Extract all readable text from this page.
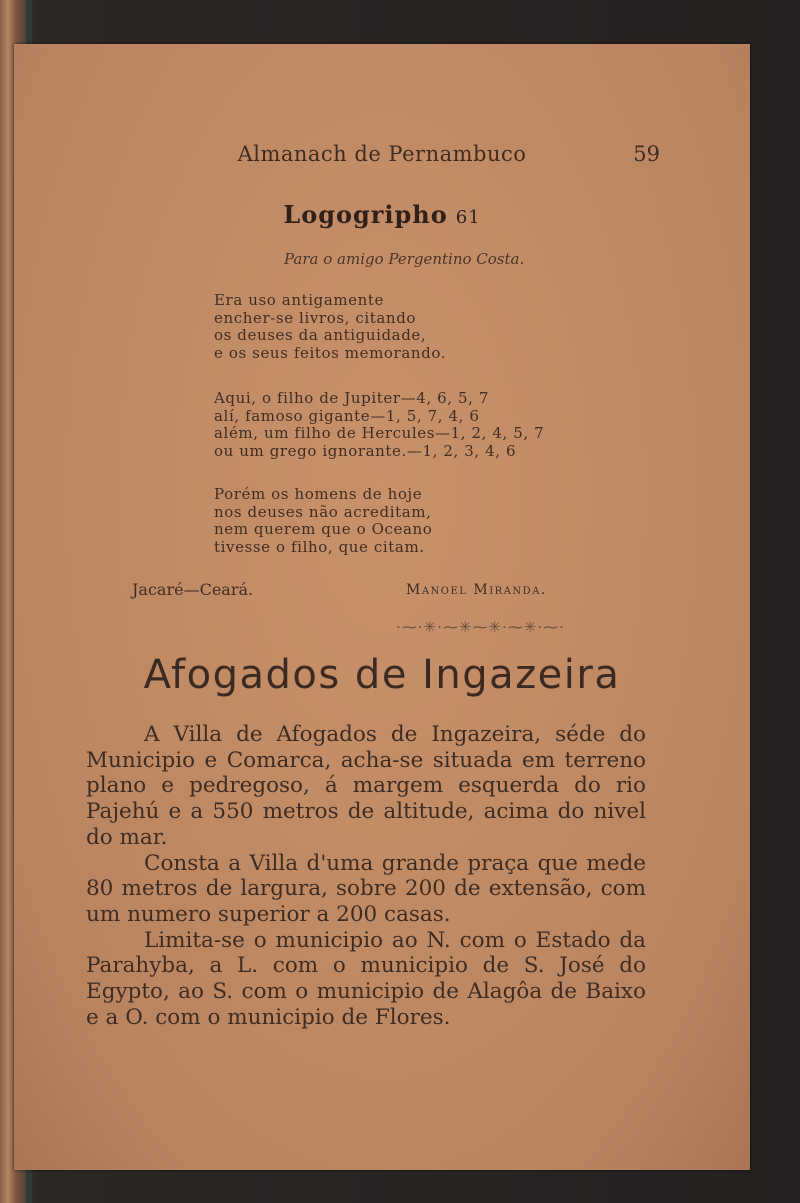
Almanach de Pernambuco	59
Logogripho 61
Para o amigo Pergentino Costa.
Era uso antigamente
encher-se livros, citando
os deuses da antiguidade,
e os seus feitos memorando.
Aqui, o filho de Jupiter—4, 6, 5, 7
alí, famoso gigante—1, 5, 7, 4, 6
além, um filho de Hercules—1, 2, 4, 5, 7
ou um grego ignorante.—1, 2, 3, 4, 6
Porém os homens de hoje
nos deuses não acreditam,
nem querem que o Oceano
tivesse o filho, que citam.
Jacaré—Ceará.	Manoel Miranda.
·⁓·✳·⁓✳⁓✳·⁓✳·⁓·
Afogados de Ingazeira

A Villa de Afogados de Ingazeira, séde do Municipio e Comarca, acha-se situada em terreno plano e pedregoso, á margem esquerda do rio Pajehú e a 550 metros de altitude, acima do nivel do mar.

Consta a Villa d'uma grande praça que mede 80 metros de largura, sobre 200 de extensão, com um numero superior a 200 casas.

Limita-se o municipio ao N. com o Estado da Parahyba, a L. com o municipio de S. José do Egypto, ao S. com o municipio de Alagôa de Baixo e a O. com o municipio de Flores.
